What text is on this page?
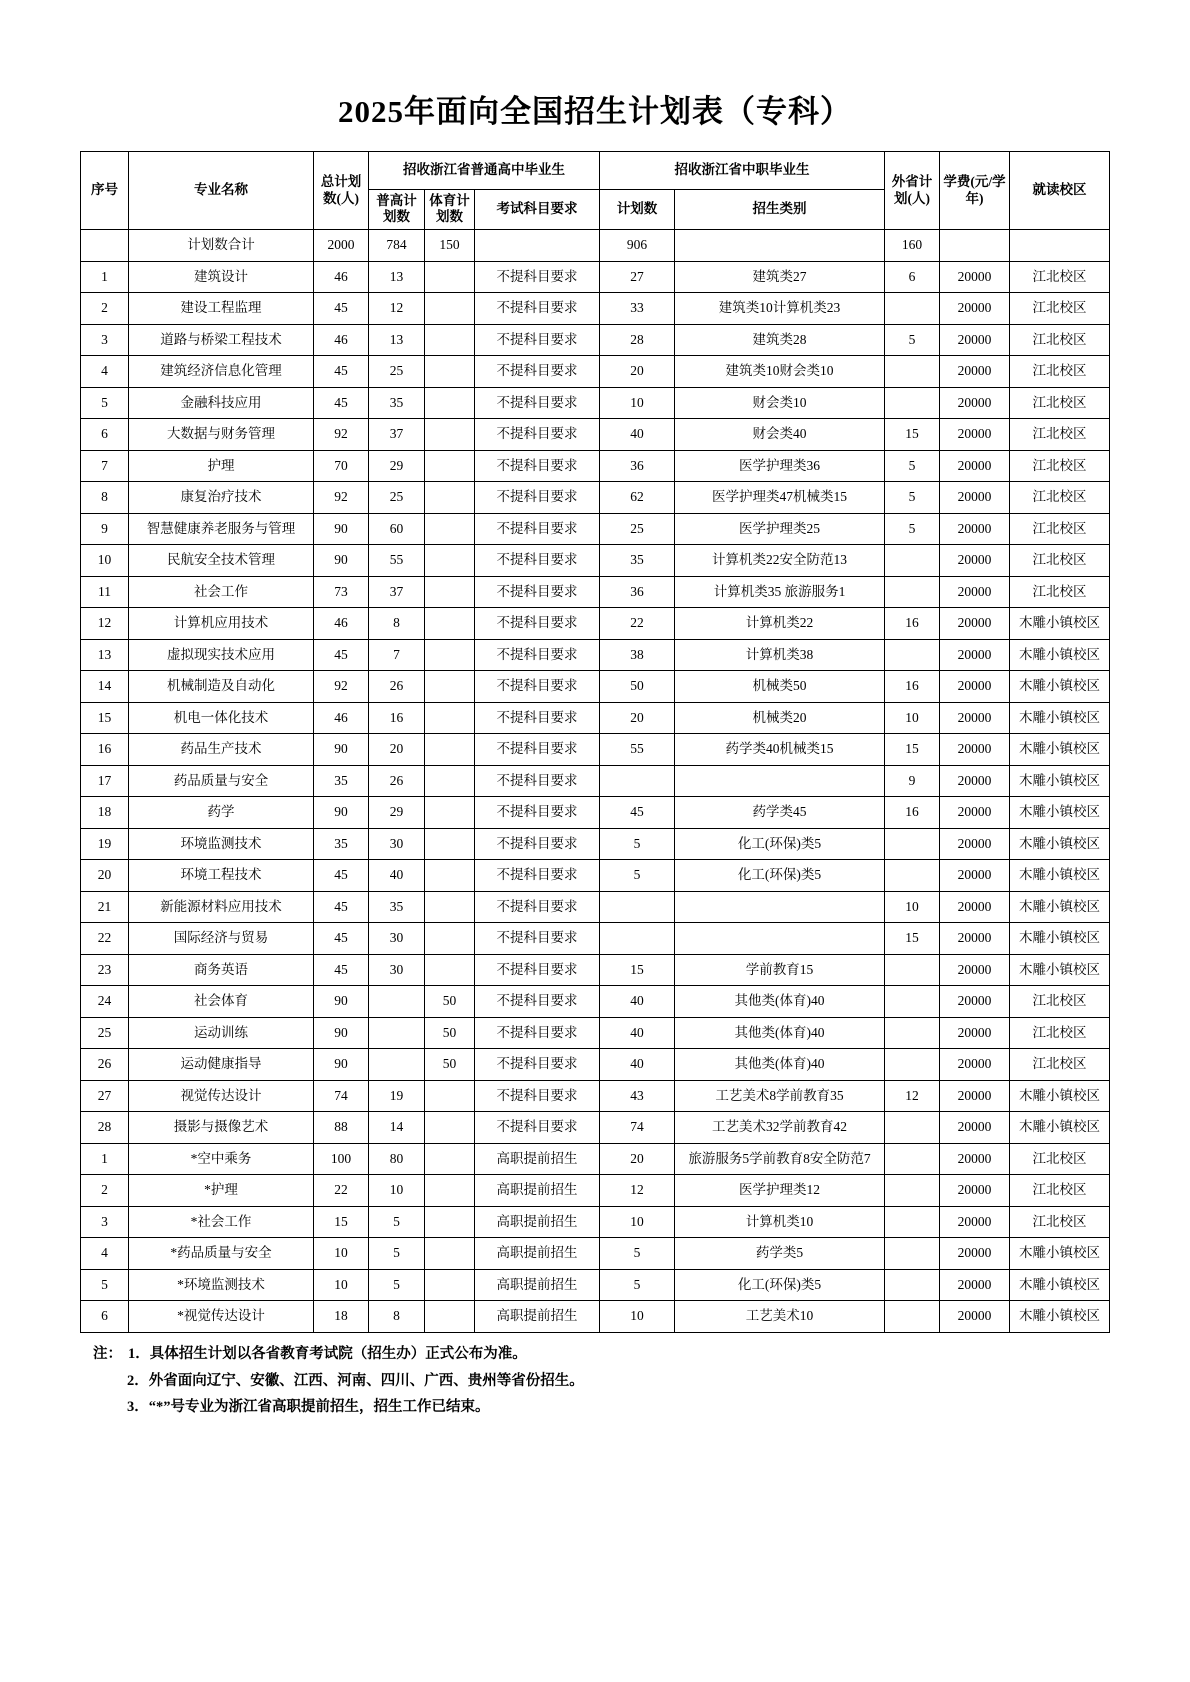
2025年面向全国招生计划表（专科）
序号	专业名称	总计划数(人)	招收浙江省普通高中毕业生			招收浙江省中职毕业生		外省计划(人)	学费(元/学年)	就读校区
			普高计划数	体育计划数	考试科目要求	计划数	招生类别			
	计划数合计	2000	784	150		906		160		
1	建筑设计	46	13		不提科目要求	27	建筑类27	6	20000	江北校区
2	建设工程监理	45	12		不提科目要求	33	建筑类10计算机类23		20000	江北校区
3	道路与桥梁工程技术	46	13		不提科目要求	28	建筑类28	5	20000	江北校区
4	建筑经济信息化管理	45	25		不提科目要求	20	建筑类10财会类10		20000	江北校区
5	金融科技应用	45	35		不提科目要求	10	财会类10		20000	江北校区
6	大数据与财务管理	92	37		不提科目要求	40	财会类40	15	20000	江北校区
7	护理	70	29		不提科目要求	36	医学护理类36	5	20000	江北校区
8	康复治疗技术	92	25		不提科目要求	62	医学护理类47机械类15	5	20000	江北校区
9	智慧健康养老服务与管理	90	60		不提科目要求	25	医学护理类25	5	20000	江北校区
10	民航安全技术管理	90	55		不提科目要求	35	计算机类22安全防范13		20000	江北校区
11	社会工作	73	37		不提科目要求	36	计算机类35 旅游服务1		20000	江北校区
12	计算机应用技术	46	8		不提科目要求	22	计算机类22	16	20000	木雕小镇校区
13	虚拟现实技术应用	45	7		不提科目要求	38	计算机类38		20000	木雕小镇校区
14	机械制造及自动化	92	26		不提科目要求	50	机械类50	16	20000	木雕小镇校区
15	机电一体化技术	46	16		不提科目要求	20	机械类20	10	20000	木雕小镇校区
16	药品生产技术	90	20		不提科目要求	55	药学类40机械类15	15	20000	木雕小镇校区
17	药品质量与安全	35	26		不提科目要求			9	20000	木雕小镇校区
18	药学	90	29		不提科目要求	45	药学类45	16	20000	木雕小镇校区
19	环境监测技术	35	30		不提科目要求	5	化工(环保)类5		20000	木雕小镇校区
20	环境工程技术	45	40		不提科目要求	5	化工(环保)类5		20000	木雕小镇校区
21	新能源材料应用技术	45	35		不提科目要求			10	20000	木雕小镇校区
22	国际经济与贸易	45	30		不提科目要求			15	20000	木雕小镇校区
23	商务英语	45	30		不提科目要求	15	学前教育15		20000	木雕小镇校区
24	社会体育	90		50	不提科目要求	40	其他类(体育)40		20000	江北校区
25	运动训练	90		50	不提科目要求	40	其他类(体育)40		20000	江北校区
26	运动健康指导	90		50	不提科目要求	40	其他类(体育)40		20000	江北校区
27	视觉传达设计	74	19		不提科目要求	43	工艺美术8学前教育35	12	20000	木雕小镇校区
28	摄影与摄像艺术	88	14		不提科目要求	74	工艺美术32学前教育42		20000	木雕小镇校区
1	*空中乘务	100	80		高职提前招生	20	旅游服务5学前教育8安全防范7		20000	江北校区
2	*护理	22	10		高职提前招生	12	医学护理类12		20000	江北校区
3	*社会工作	15	5		高职提前招生	10	计算机类10		20000	江北校区
4	*药品质量与安全	10	5		高职提前招生	5	药学类5		20000	木雕小镇校区
5	*环境监测技术	10	5		高职提前招生	5	化工(环保)类5		20000	木雕小镇校区
6	*视觉传达设计	18	8		高职提前招生	10	工艺美术10		20000	木雕小镇校区
注： 1．具体招生计划以各省教育考试院（招生办）正式公布为准。
2．外省面向辽宁、安徽、江西、河南、四川、广西、贵州等省份招生。
3．“*”号专业为浙江省高职提前招生，招生工作已结束。
